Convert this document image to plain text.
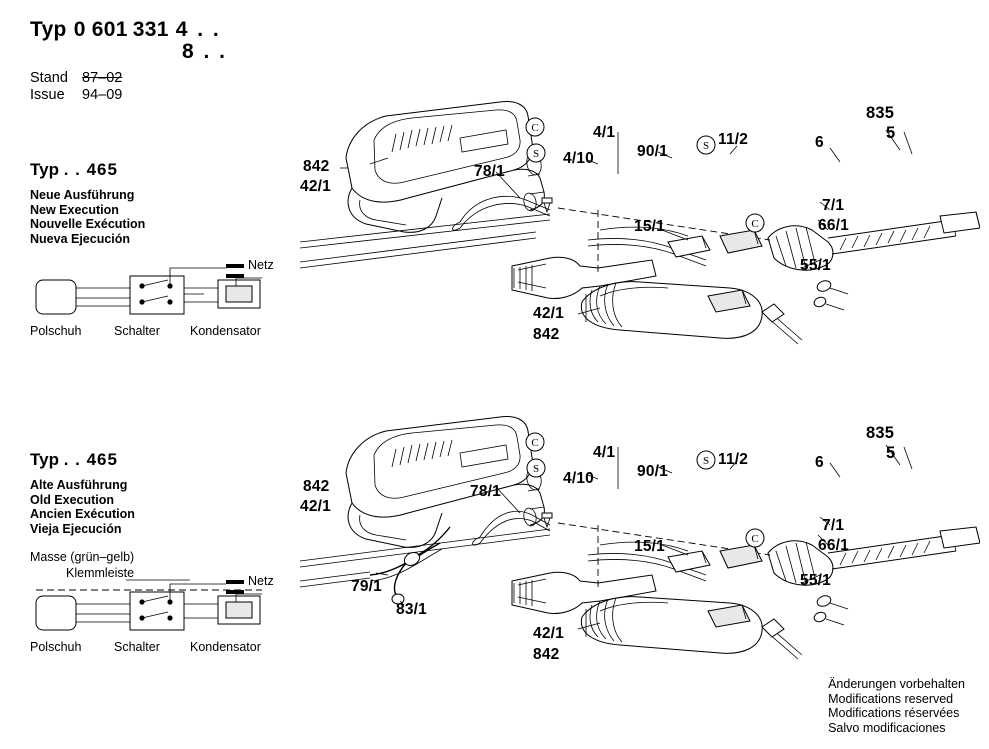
Typ 0 601 331 4 . .
8 . .
Stand 87–02
Issue 94–09
Typ . . 465
Neue Ausführung
New Execution
Nouvelle Exécution
Nueva Ejecución
Netz
Polschuh	Schalter Kondensator
Typ . . 465
Alte Ausführung
Old Execution
Ancien Exécution
Vieja Ejecución
Masse (grün–gelb)
Klemmleiste
Netz
Polschuh	Schalter Kondensator
C
S
S
C
842
42/1
78/1
4/1
4/10	90/1
11/2	6
835
5
7/1
66/1
15/1
55/1
42/1
842
C
S
S
C
842
42/1
78/1
4/1
4/10	90/1
11/2	6
835
5
7/1
66/1
15/1
55/1
79/1
83/1
42/1
842
Änderungen vorbehalten
Modifications reserved
Modifications réservées
Salvo modificaciones
